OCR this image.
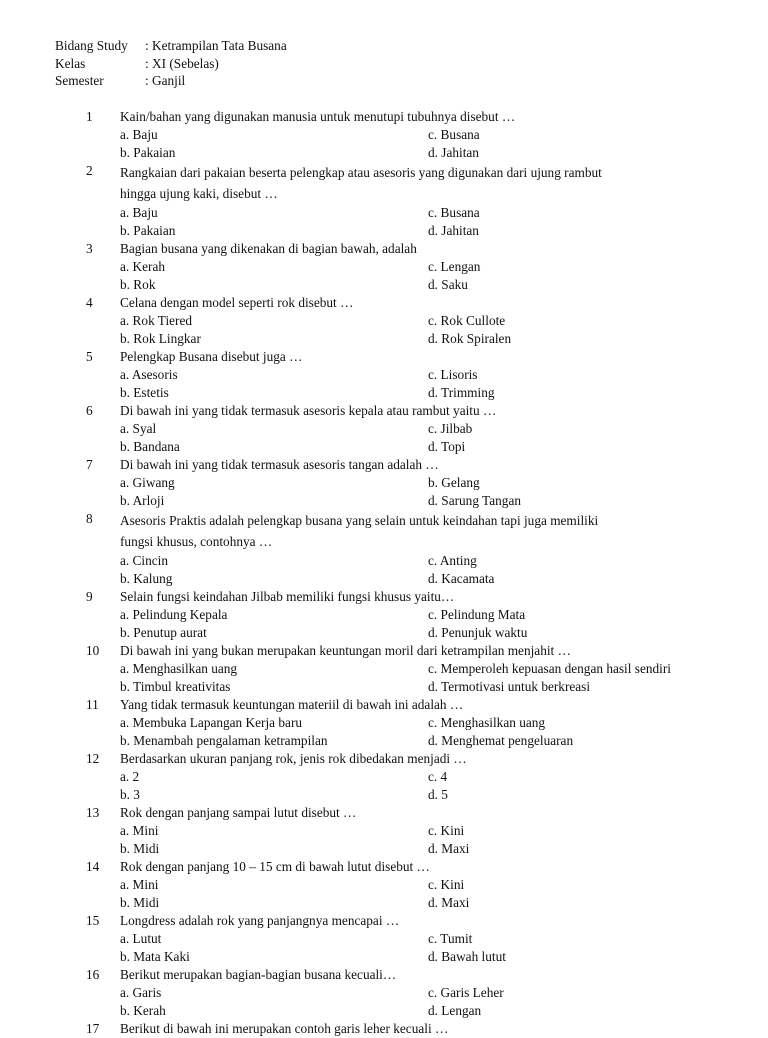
Bidang Study : Ketrampilan Tata Busana
Kelas	: XI (Sebelas)
Semester	: Ganjil
1 Kain/bahan yang digunakan manusia untuk menutupi tubuhnya disebut …
a. Baju	c. Busana
b. Pakaian	d. Jahitan
2 Rangkaian dari pakaian beserta pelengkap atau asesoris yang digunakan dari ujung rambut
hingga ujung kaki, disebut …
a. Baju	c. Busana
b. Pakaian	d. Jahitan
3 Bagian busana yang dikenakan di bagian bawah, adalah
a. Kerah	c. Lengan
b. Rok	d. Saku
4 Celana dengan model seperti rok disebut …
a. Rok Tiered	c. Rok Cullote
b. Rok Lingkar	d. Rok Spiralen
5 Pelengkap Busana disebut juga …
a. Asesoris	c. Lisoris
b. Estetis	d. Trimming
6 Di bawah ini yang tidak termasuk asesoris kepala atau rambut yaitu …
a. Syal	c. Jilbab
b. Bandana	d. Topi
7 Di bawah ini yang tidak termasuk asesoris tangan adalah …
a. Giwang	b. Gelang
b. Arloji	d. Sarung Tangan
8 Asesoris Praktis adalah pelengkap busana yang selain untuk keindahan tapi juga memiliki
fungsi khusus, contohnya …
a. Cincin	c. Anting
b. Kalung	d. Kacamata
9 Selain fungsi keindahan Jilbab memiliki fungsi khusus yaitu…
a. Pelindung Kepala	c. Pelindung Mata
b. Penutup aurat	d. Penunjuk waktu
10 Di bawah ini yang bukan merupakan keuntungan moril dari ketrampilan menjahit …
a. Menghasilkan uang	c. Memperoleh kepuasan dengan hasil sendiri
b. Timbul kreativitas	d. Termotivasi untuk berkreasi
11 Yang tidak termasuk keuntungan materiil di bawah ini adalah …
a. Membuka Lapangan Kerja baru	c. Menghasilkan uang
b. Menambah pengalaman ketrampilan	d. Menghemat pengeluaran
12 Berdasarkan ukuran panjang rok, jenis rok dibedakan menjadi …
a. 2	c. 4
b. 3	d. 5
13 Rok dengan panjang sampai lutut disebut …
a. Mini	c. Kini
b. Midi	d. Maxi
14 Rok dengan panjang 10 – 15 cm di bawah lutut disebut …
a. Mini	c. Kini
b. Midi	d. Maxi
15 Longdress adalah rok yang panjangnya mencapai …
a. Lutut	c. Tumit
b. Mata Kaki	d. Bawah lutut
16 Berikut merupakan bagian-bagian busana kecuali…
a. Garis	c. Garis Leher
b. Kerah	d. Lengan
17 Berikut di bawah ini merupakan contoh garis leher kecuali …
